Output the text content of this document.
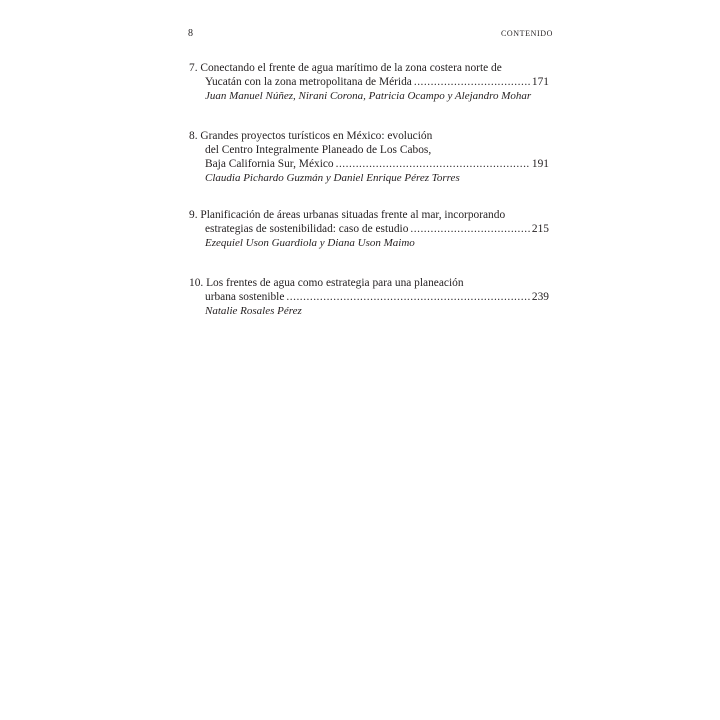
8	CONTENIDO
7. Conectando el frente de agua marítimo de la zona costera norte de
Yucatán con la zona metropolitana de Mérida .....	171
Juan Manuel Núñez, Nirani Corona, Patricia Ocampo y Alejandro Mohar
8. Grandes proyectos turísticos en México: evolución
del Centro Integralmente Planeado de Los Cabos,
Baja California Sur, México .....	191
Claudia Pichardo Guzmán y Daniel Enrique Pérez Torres
9. Planificación de áreas urbanas situadas frente al mar, incorporando
estrategias de sostenibilidad: caso de estudio .....	215
Ezequiel Uson Guardiola y Diana Uson Maimo
10. Los frentes de agua como estrategia para una planeación
urbana sostenible .....	239
Natalie Rosales Pérez
